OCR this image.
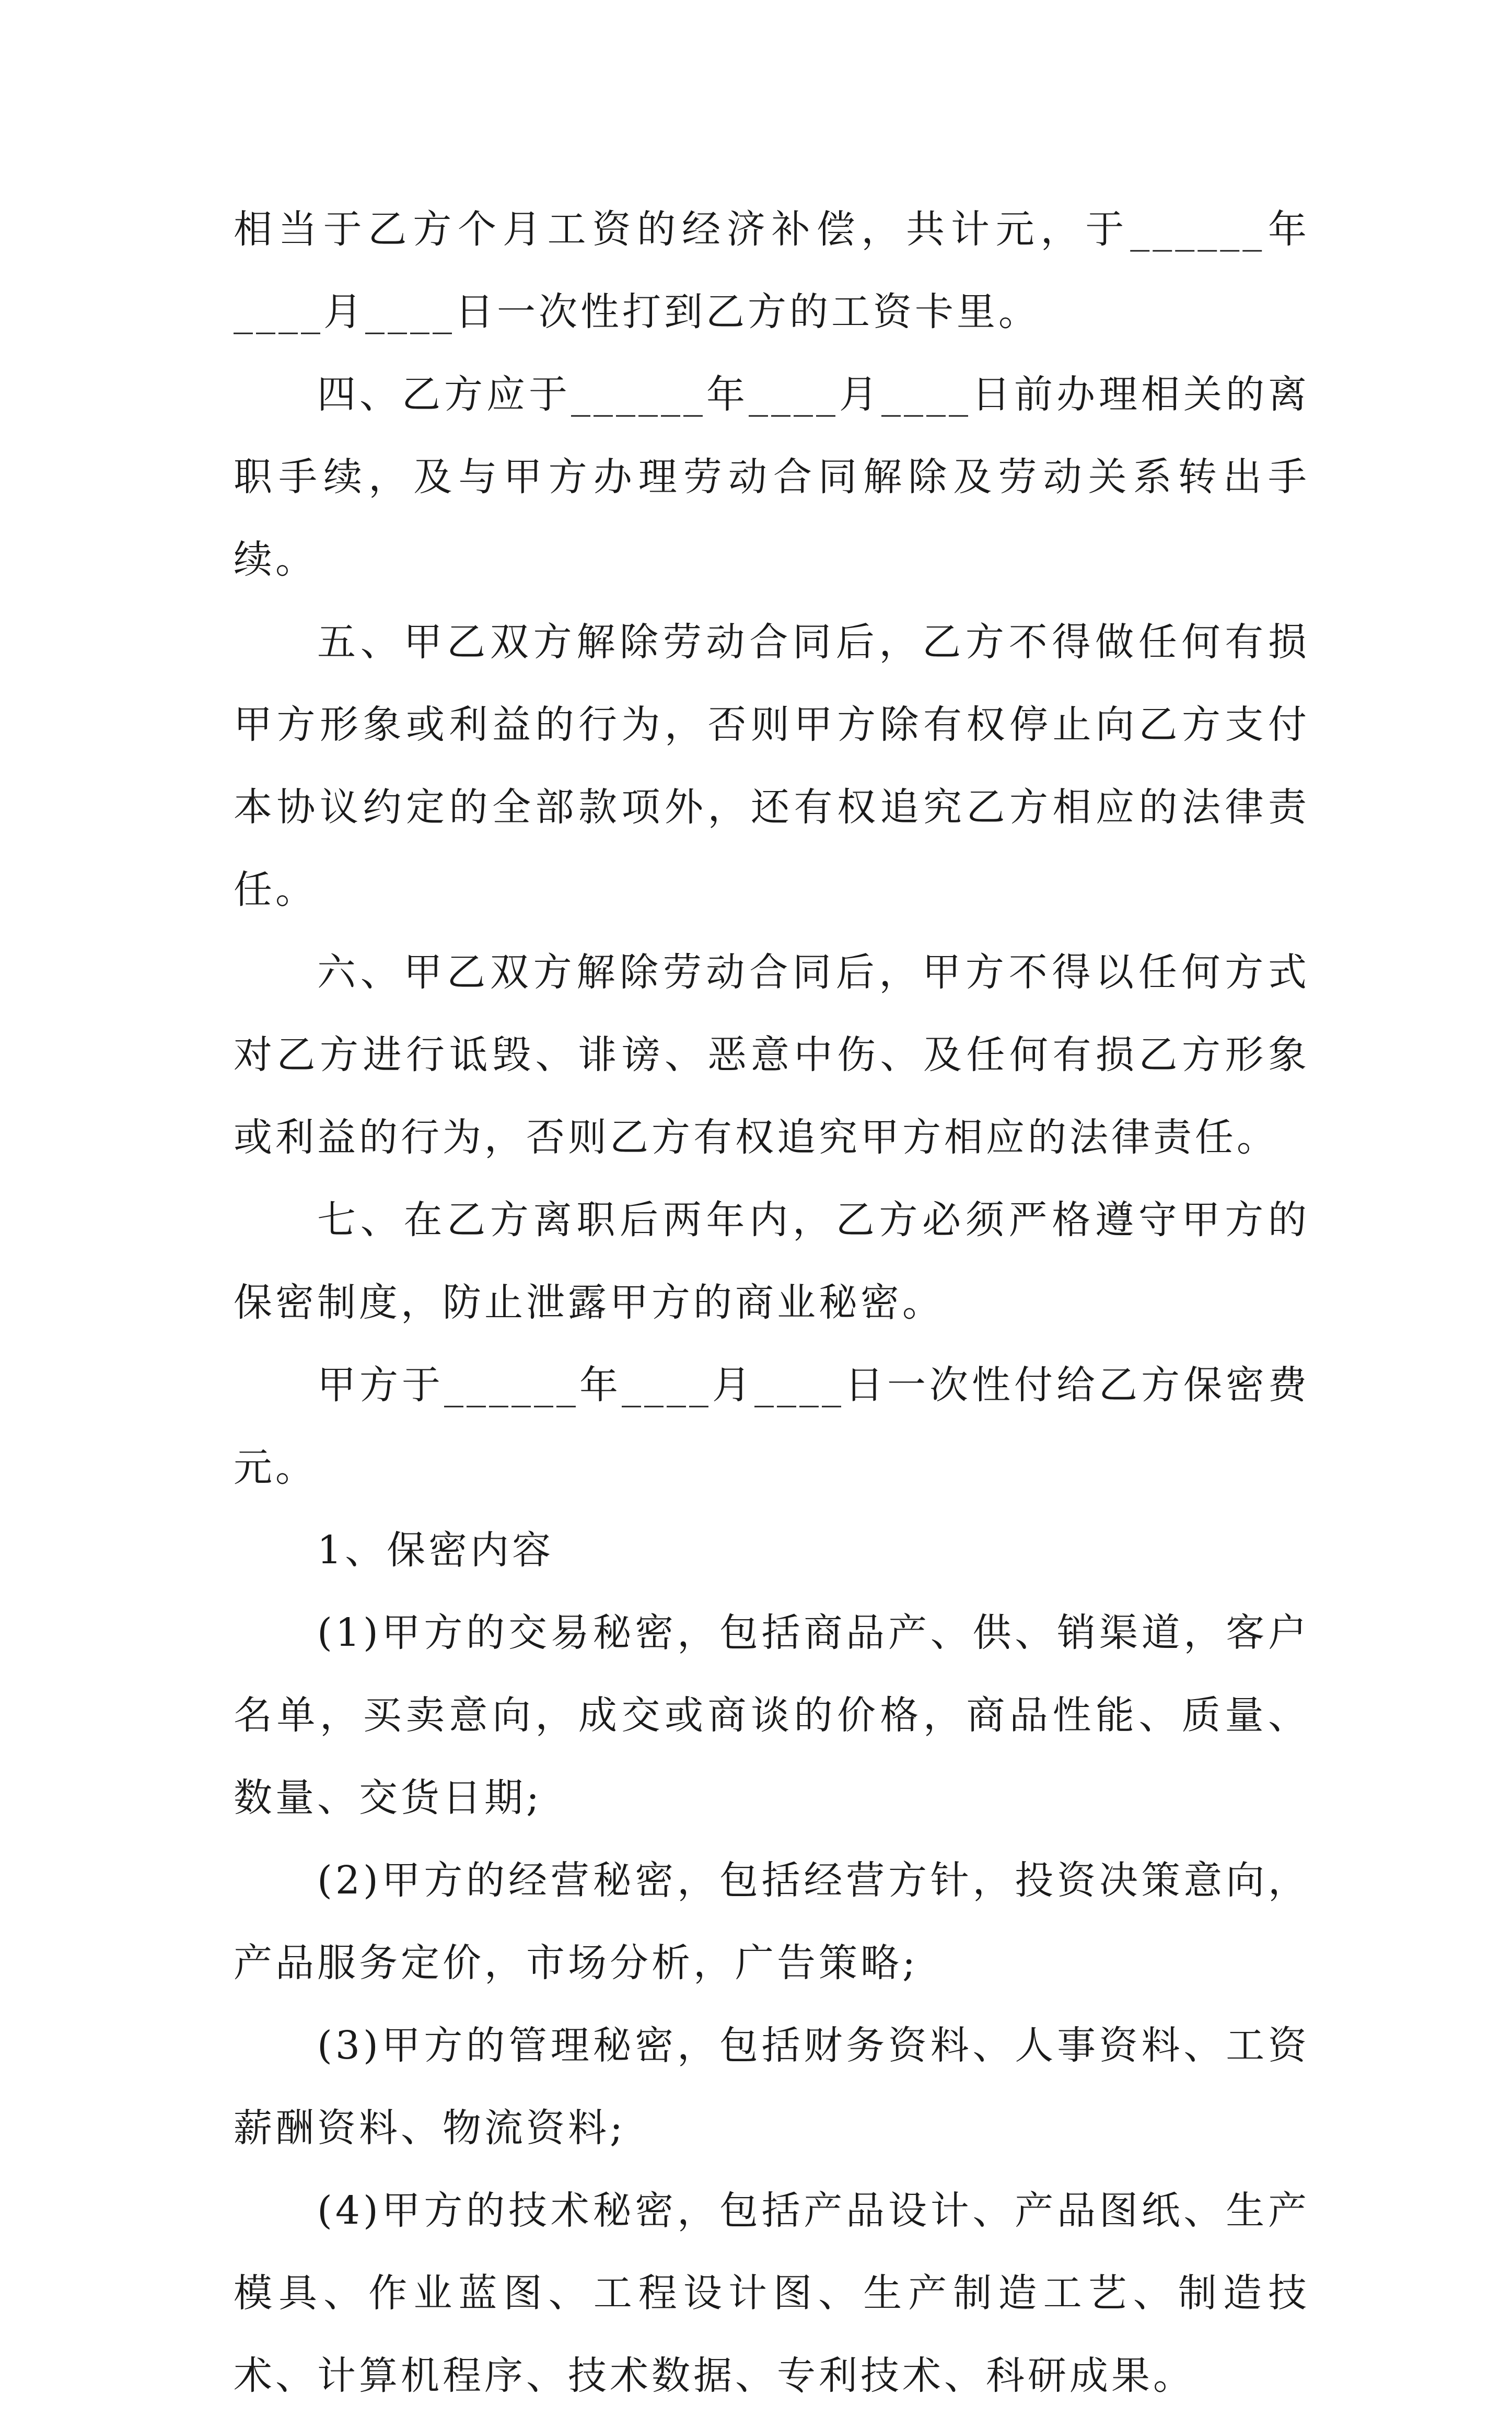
相当于乙方个月工资的经济补偿，共计元，于______年____月____日一次性打到乙方的工资卡里。

四、乙方应于______年____月____日前办理相关的离职手续，及与甲方办理劳动合同解除及劳动关系转出手续。

五、甲乙双方解除劳动合同后，乙方不得做任何有损甲方形象或利益的行为，否则甲方除有权停止向乙方支付本协议约定的全部款项外，还有权追究乙方相应的法律责任。

六、甲乙双方解除劳动合同后，甲方不得以任何方式对乙方进行诋毁、诽谤、恶意中伤、及任何有损乙方形象或利益的行为，否则乙方有权追究甲方相应的法律责任。

七、在乙方离职后两年内，乙方必须严格遵守甲方的保密制度，防止泄露甲方的商业秘密。

甲方于______年____月____日一次性付给乙方保密费元。

1、保密内容

(1)甲方的交易秘密，包括商品产、供、销渠道，客户名单，买卖意向，成交或商谈的价格，商品性能、质量、数量、交货日期;

(2)甲方的经营秘密，包括经营方针，投资决策意向，产品服务定价，市场分析，广告策略;

(3)甲方的管理秘密，包括财务资料、人事资料、工资薪酬资料、物流资料;

(4)甲方的技术秘密，包括产品设计、产品图纸、生产模具、作业蓝图、工程设计图、生产制造工艺、制造技术、计算机程序、技术数据、专利技术、科研成果。
